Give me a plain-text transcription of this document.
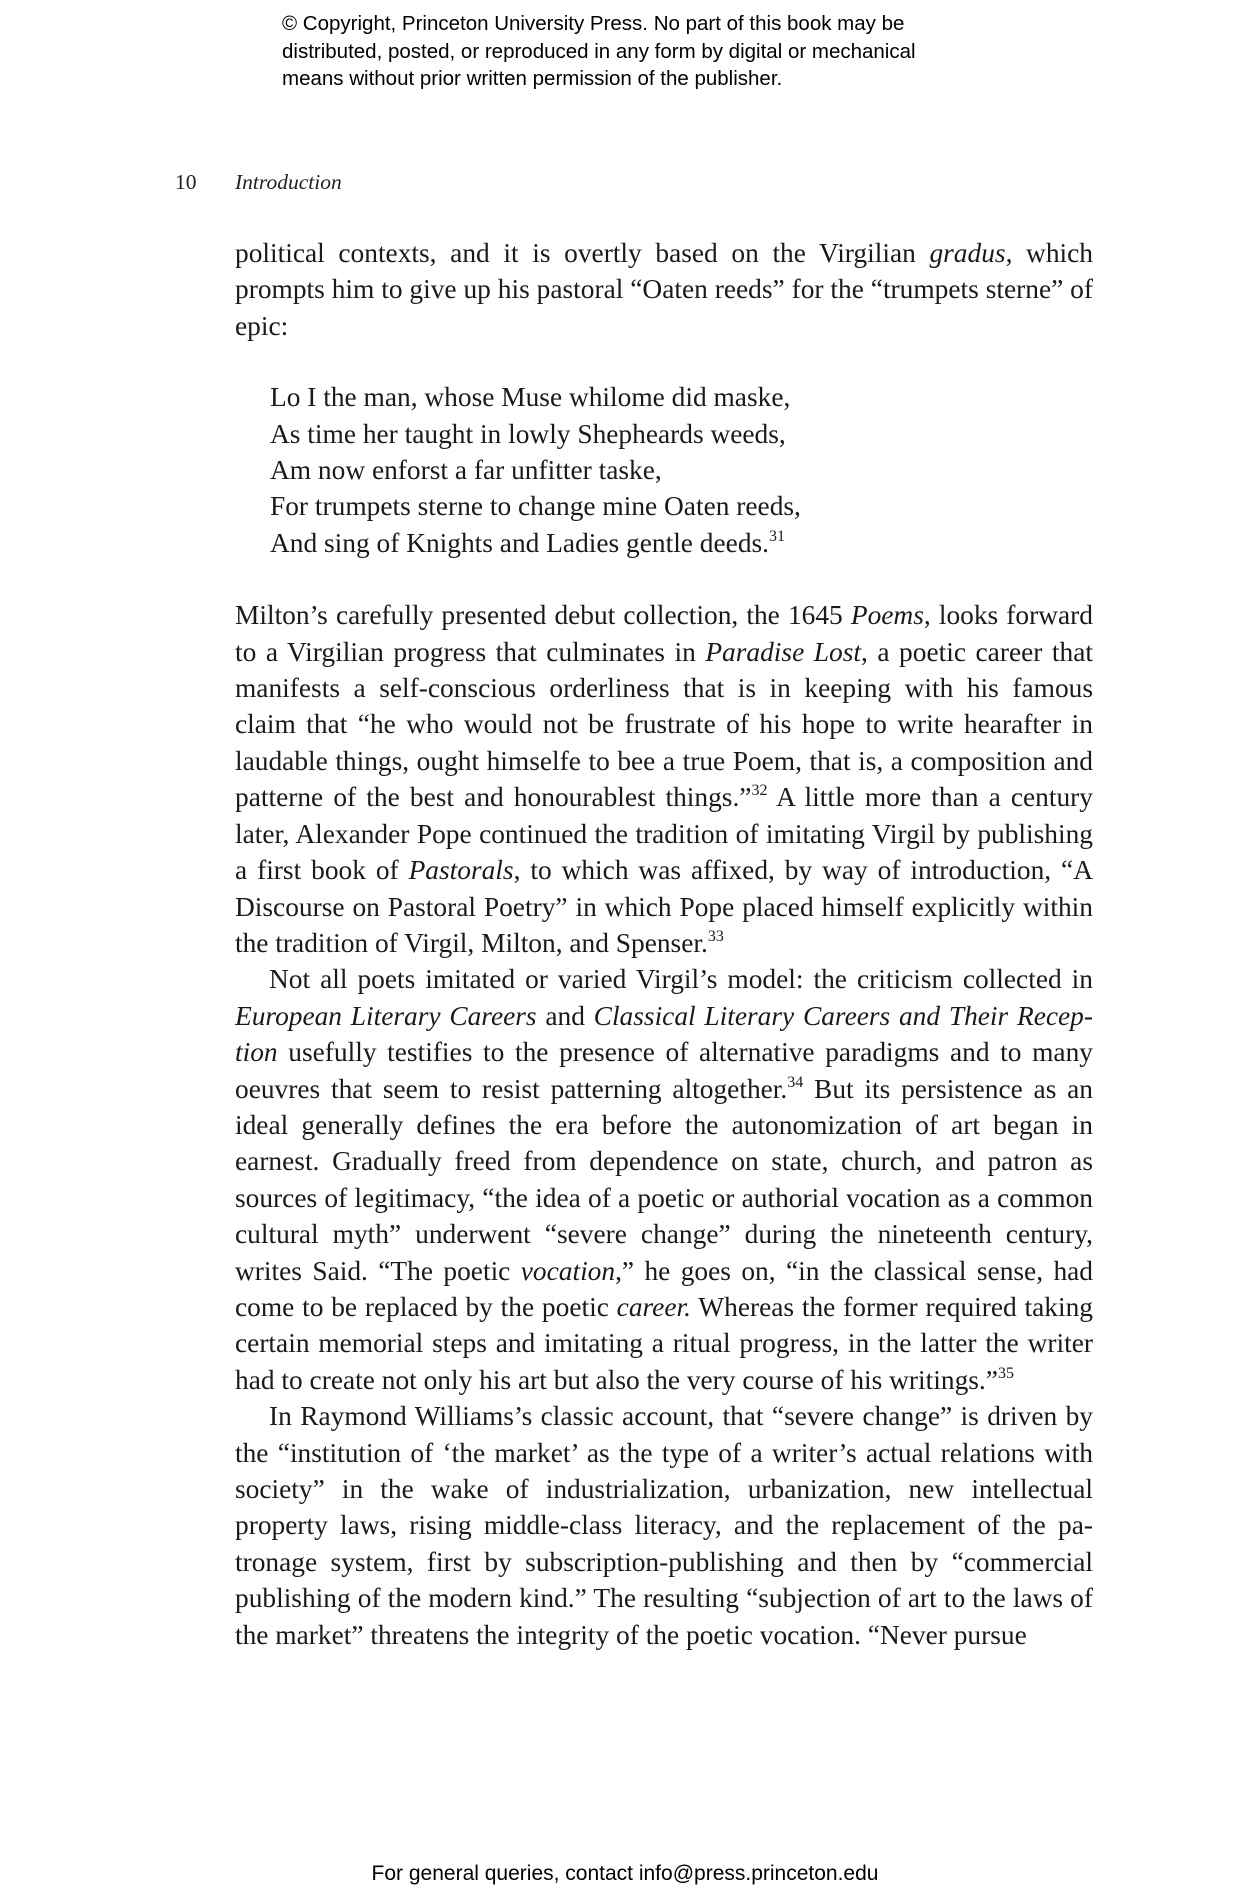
© Copyright, Princeton University Press. No part of this book may be
distributed, posted, or reproduced in any form by digital or mechanical
means without prior written permission of the publisher.
10 Introduction

political contexts, and it is overtly based on the Virgilian gradus, which prompts him to give up his pastoral “Oaten reeds” for the “trumpets sterne” of epic:

Lo I the man, whose Muse whilome did maske,
As time her taught in lowly Shepheards weeds,
Am now enforst a far unfitter taske,
For trumpets sterne to change mine Oaten reeds,
And sing of Knights and Ladies gentle deeds.$^{31}$

Milton’s carefully presented debut collection, the 1645 Poems, looks forward to a Virgilian progress that culminates in Paradise Lost, a poetic career that manifests a self-conscious orderliness that is in keeping with his famous claim that “he who would not be frustrate of his hope to write hearafter in laudable things, ought himselfe to bee a true Poem, that is, a composition and patterne of the best and honourablest things.”$^{32}$ A little more than a century later, Alexander Pope continued the tradition of imitating Virgil by publishing a first book of Pastorals, to which was affixed, by way of introduction, “A Discourse on Pastoral Poetry” in which Pope placed himself explicitly within the tradition of Virgil, Milton, and Spenser.$^{33}$

Not all poets imitated or varied Virgil’s model: the criticism collected in European Literary Careers and Classical Literary Careers and Their Reception usefully testifies to the presence of alternative paradigms and to many oeuvres that seem to resist patterning altogether.$^{34}$ But its persistence as an ideal generally defines the era before the autonomization of art began in earnest. Gradually freed from dependence on state, church, and patron as sources of legitimacy, “the idea of a poetic or authorial vocation as a common cultural myth” underwent “severe change” during the nineteenth century, writes Said. “The poetic vocation,” he goes on, “in the classical sense, had come to be replaced by the poetic career. Whereas the former required taking certain memorial steps and imitating a ritual progress, in the latter the writer had to create not only his art but also the very course of his writings.”$^{35}$

In Raymond Williams’s classic account, that “severe change” is driven by the “institution of ‘the market’ as the type of a writer’s actual relations with society” in the wake of industrialization, urbanization, new intellectual property laws, rising middle-class literacy, and the replacement of the patronage system, first by subscription-publishing and then by “commercial publishing of the modern kind.” The resulting “subjection of art to the laws of the market” threatens the integrity of the poetic vocation. “Never pursue

For general queries, contact info@press.princeton.edu
